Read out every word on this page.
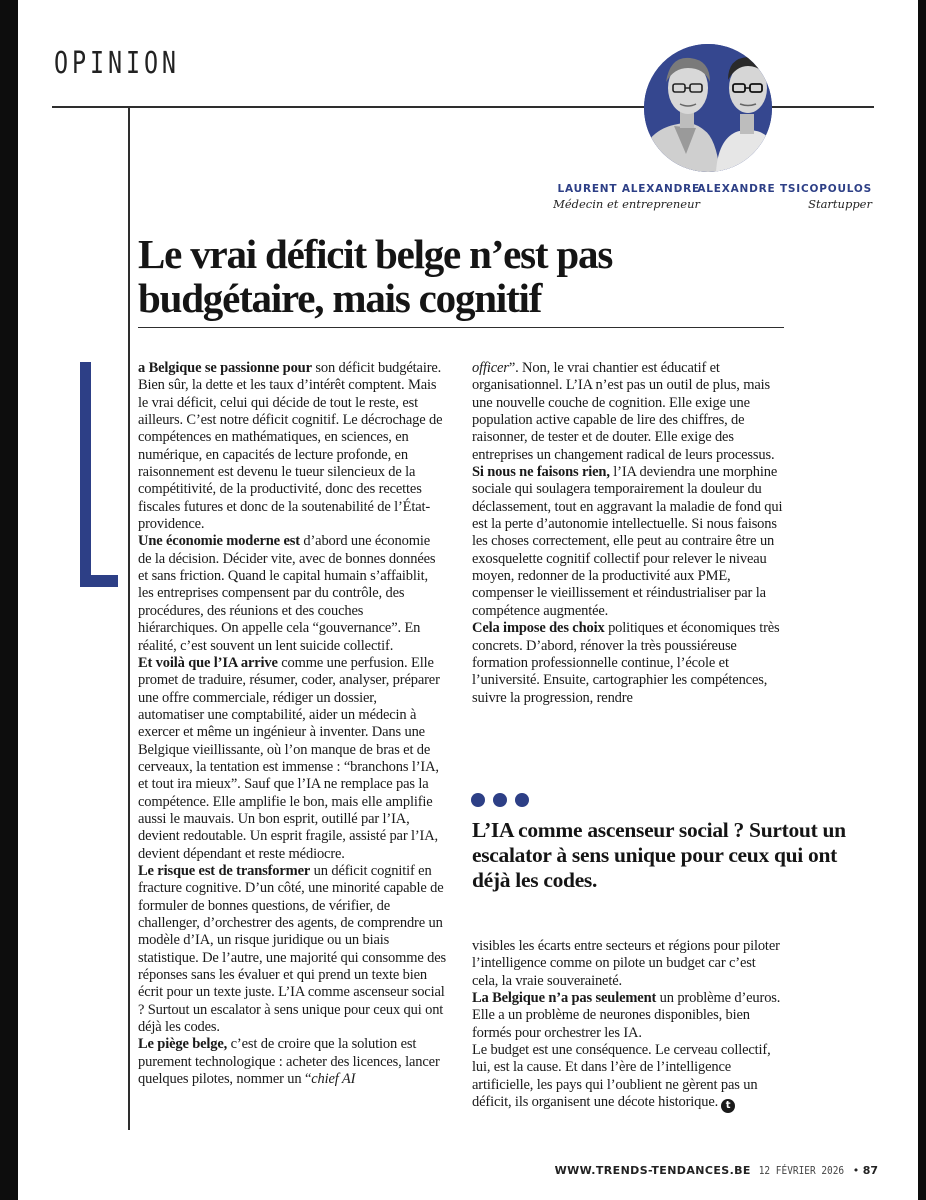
OPINION
LAURENT ALEXANDRE
Médecin et entrepreneur
ALEXANDRE TSICOPOULOS
Startupper
Le vrai déficit belge n’est pas
budgétaire, mais cognitif

a Belgique se passionne pour son déficit budgétaire. Bien sûr, la dette et les taux d’intérêt comptent. Mais le vrai déficit, celui qui décide de tout le reste, est ailleurs. C’est notre déficit cognitif. Le décrochage de compétences en mathématiques, en sciences, en numérique, en capacités de lecture profonde, en raisonnement est devenu le tueur silencieux de la compétitivité, de la productivité, donc des recettes fiscales futures et donc de la soutenabilité de l’État-providence.

Une économie moderne est d’abord une économie de la décision. Décider vite, avec de bonnes données et sans friction. Quand le capital humain s’affaiblit, les entreprises compensent par du contrôle, des procédures, des réunions et des couches hiérarchiques. On appelle cela “gouvernance”. En réalité, c’est souvent un lent suicide collectif.

Et voilà que l’IA arrive comme une perfusion. Elle promet de traduire, résumer, coder, analyser, préparer une offre commerciale, rédiger un dossier, automatiser une comptabilité, aider un médecin à exercer et même un ingénieur à inventer. Dans une Belgique vieillissante, où l’on manque de bras et de cerveaux, la tentation est immense : “branchons l’IA, et tout ira mieux”. Sauf que l’IA ne remplace pas la compétence. Elle amplifie le bon, mais elle amplifie aussi le mauvais. Un bon esprit, outillé par l’IA, devient redoutable. Un esprit fragile, assisté par l’IA, devient dépendant et reste médiocre.

Le risque est de transformer un déficit cognitif en fracture cognitive. D’un côté, une minorité capable de formuler de bonnes questions, de vérifier, de challenger, d’orchestrer des agents, de comprendre un modèle d’IA, un risque juridique ou un biais statistique. De l’autre, une majorité qui consomme des réponses sans les évaluer et qui prend un texte bien écrit pour un texte juste. L’IA comme ascenseur social ? Surtout un escalator à sens unique pour ceux qui ont déjà les codes.

Le piège belge, c’est de croire que la solution est purement technologique : acheter des licences, lancer quelques pilotes, nommer un “chief AI

officer”. Non, le vrai chantier est éducatif et organisationnel. L’IA n’est pas un outil de plus, mais une nouvelle couche de cognition. Elle exige une population active capable de lire des chiffres, de raisonner, de tester et de douter. Elle exige des entreprises un changement radical de leurs processus.

Si nous ne faisons rien, l’IA deviendra une morphine sociale qui soulagera temporairement la douleur du déclassement, tout en aggravant la maladie de fond qui est la perte d’autonomie intellectuelle. Si nous faisons les choses correctement, elle peut au contraire être un exosquelette cognitif collectif pour relever le niveau moyen, redonner de la productivité aux PME, compenser le vieillissement et réindustrialiser par la compétence augmentée.

Cela impose des choix politiques et économiques très concrets. D’abord, rénover la très poussiéreuse formation professionnelle continue, l’école et l’université. Ensuite, cartographier les compétences, suivre la progression, rendre

L’IA comme ascenseur social ? Surtout un escalator à sens unique pour ceux qui ont déjà les codes.

visibles les écarts entre secteurs et régions pour piloter l’intelligence comme on pilote un budget car c’est cela, la vraie souveraineté.

La Belgique n’a pas seulement un problème d’euros. Elle a un problème de neurones disponibles, bien formés pour orchestrer les IA.

Le budget est une conséquence. Le cerveau collectif, lui, est la cause. Et dans l’ère de l’intelligence artificielle, les pays qui l’oublient ne gèrent pas un déficit, ils organisent une décote historique. t

WWW.TRENDS-TENDANCES.BE 12 FÉVRIER 2026 • 87
